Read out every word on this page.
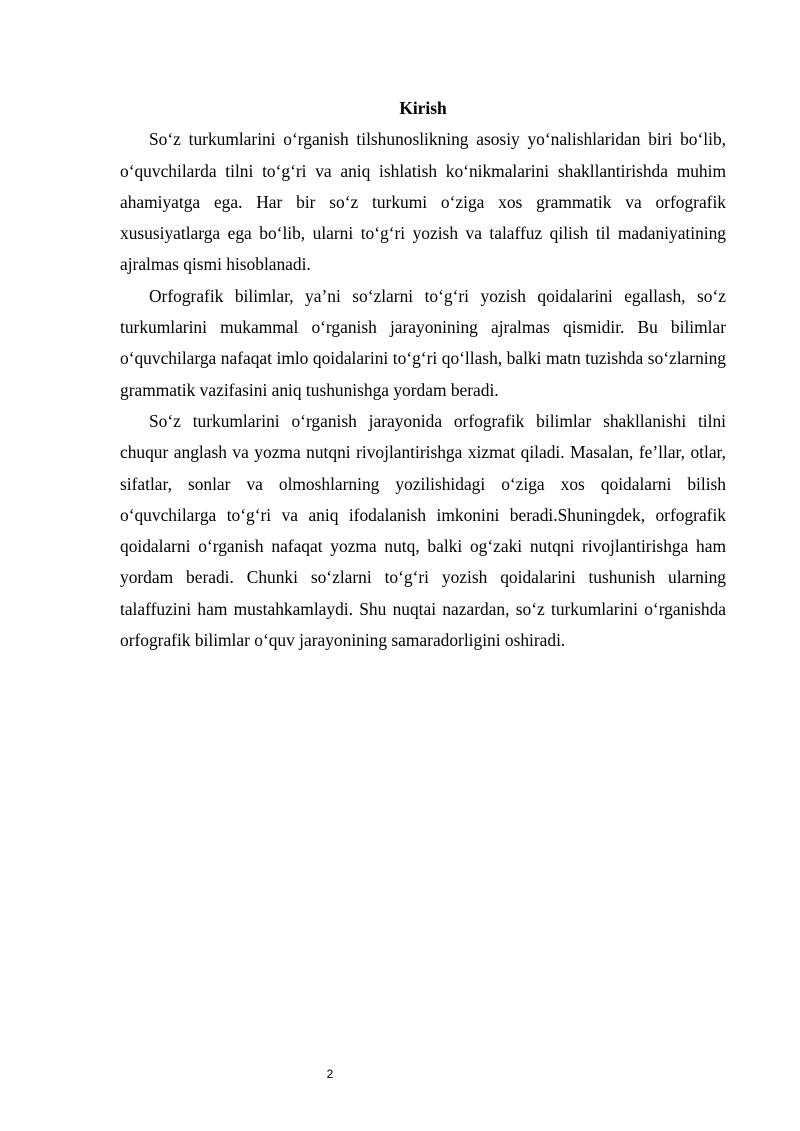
Kirish

So‘z turkumlarini o‘rganish tilshunoslikning asosiy yo‘nalishlaridan biri bo‘lib, o‘quvchilarda tilni to‘g‘ri va aniq ishlatish ko‘nikmalarini shakllantirishda muhim ahamiyatga ega. Har bir so‘z turkumi o‘ziga xos grammatik va orfografik xususiyatlarga ega bo‘lib, ularni to‘g‘ri yozish va talaffuz qilish til madaniyatining ajralmas qismi hisoblanadi.

Orfografik bilimlar, ya’ni so‘zlarni to‘g‘ri yozish qoidalarini egallash, so‘z turkumlarini mukammal o‘rganish jarayonining ajralmas qismidir. Bu bilimlar o‘quvchilarga nafaqat imlo qoidalarini to‘g‘ri qo‘llash, balki matn tuzishda so‘zlarning grammatik vazifasini aniq tushunishga yordam beradi.

So‘z turkumlarini o‘rganish jarayonida orfografik bilimlar shakllanishi tilni chuqur anglash va yozma nutqni rivojlantirishga xizmat qiladi. Masalan, fe’llar, otlar, sifatlar, sonlar va olmoshlarning yozilishidagi o‘ziga xos qoidalarni bilish o‘quvchilarga to‘g‘ri va aniq ifodalanish imkonini beradi.Shuningdek, orfografik qoidalarni o‘rganish nafaqat yozma nutq, balki og‘zaki nutqni rivojlantirishga ham yordam beradi. Chunki so‘zlarni to‘g‘ri yozish qoidalarini tushunish ularning talaffuzini ham mustahkamlaydi. Shu nuqtai nazardan, so‘z turkumlarini o‘rganishda orfografik bilimlar o‘quv jarayonining samaradorligini oshiradi.

2
